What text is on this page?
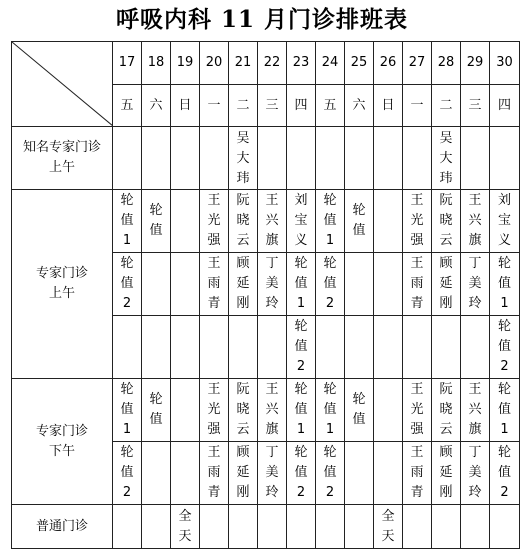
呼吸内科 11 月门诊排班表
	17	18	19	20	21	22	23	24	25	26	27	28	29	30
	五	六	日	一	二	三	四	五	六	日	一	二	三	四
知名专家门诊
上午					吴大玮							吴大玮		
专家门诊
上午	轮值1	轮值		王光强	阮晓云	王兴旗	刘宝义	轮值1	轮值		王光强	阮晓云	王兴旗	刘宝义
	轮值2			王雨青	顾延刚	丁美玲	轮值1	轮值2			王雨青	顾延刚	丁美玲	轮值1
							轮值2							轮值2
专家门诊
下午	轮值1	轮值		王光强	阮晓云	王兴旗	轮值1	轮值1	轮值		王光强	阮晓云	王兴旗	轮值1
	轮值2			王雨青	顾延刚	丁美玲	轮值2	轮值2			王雨青	顾延刚	丁美玲	轮值2
普通门诊			全天							全天				
